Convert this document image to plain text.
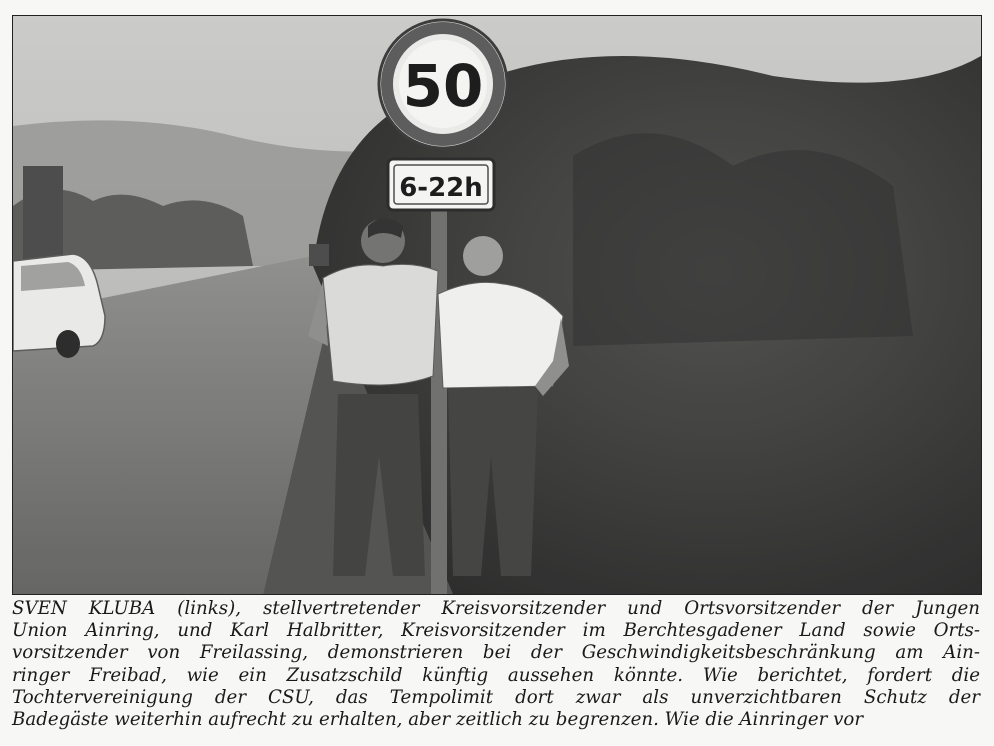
50
6-22h

SVEN KLUBA (links), stellvertretender Kreisvorsitzender und Ortsvorsitzender der Jungen
Union Ainring, und Karl Halbritter, Kreisvorsitzender im Berchtesgadener Land sowie Orts-
vorsitzender von Freilassing, demonstrieren bei der Geschwindigkeitsbeschränkung am Ain-
ringer Freibad, wie ein Zusatzschild künftig aussehen könnte. Wie berichtet, fordert die
Tochtervereinigung der CSU, das Tempolimit dort zwar als unverzichtbaren Schutz der
Badegäste weiterhin aufrecht zu erhalten, aber zeitlich zu begrenzen. Wie die Ainringer vor
